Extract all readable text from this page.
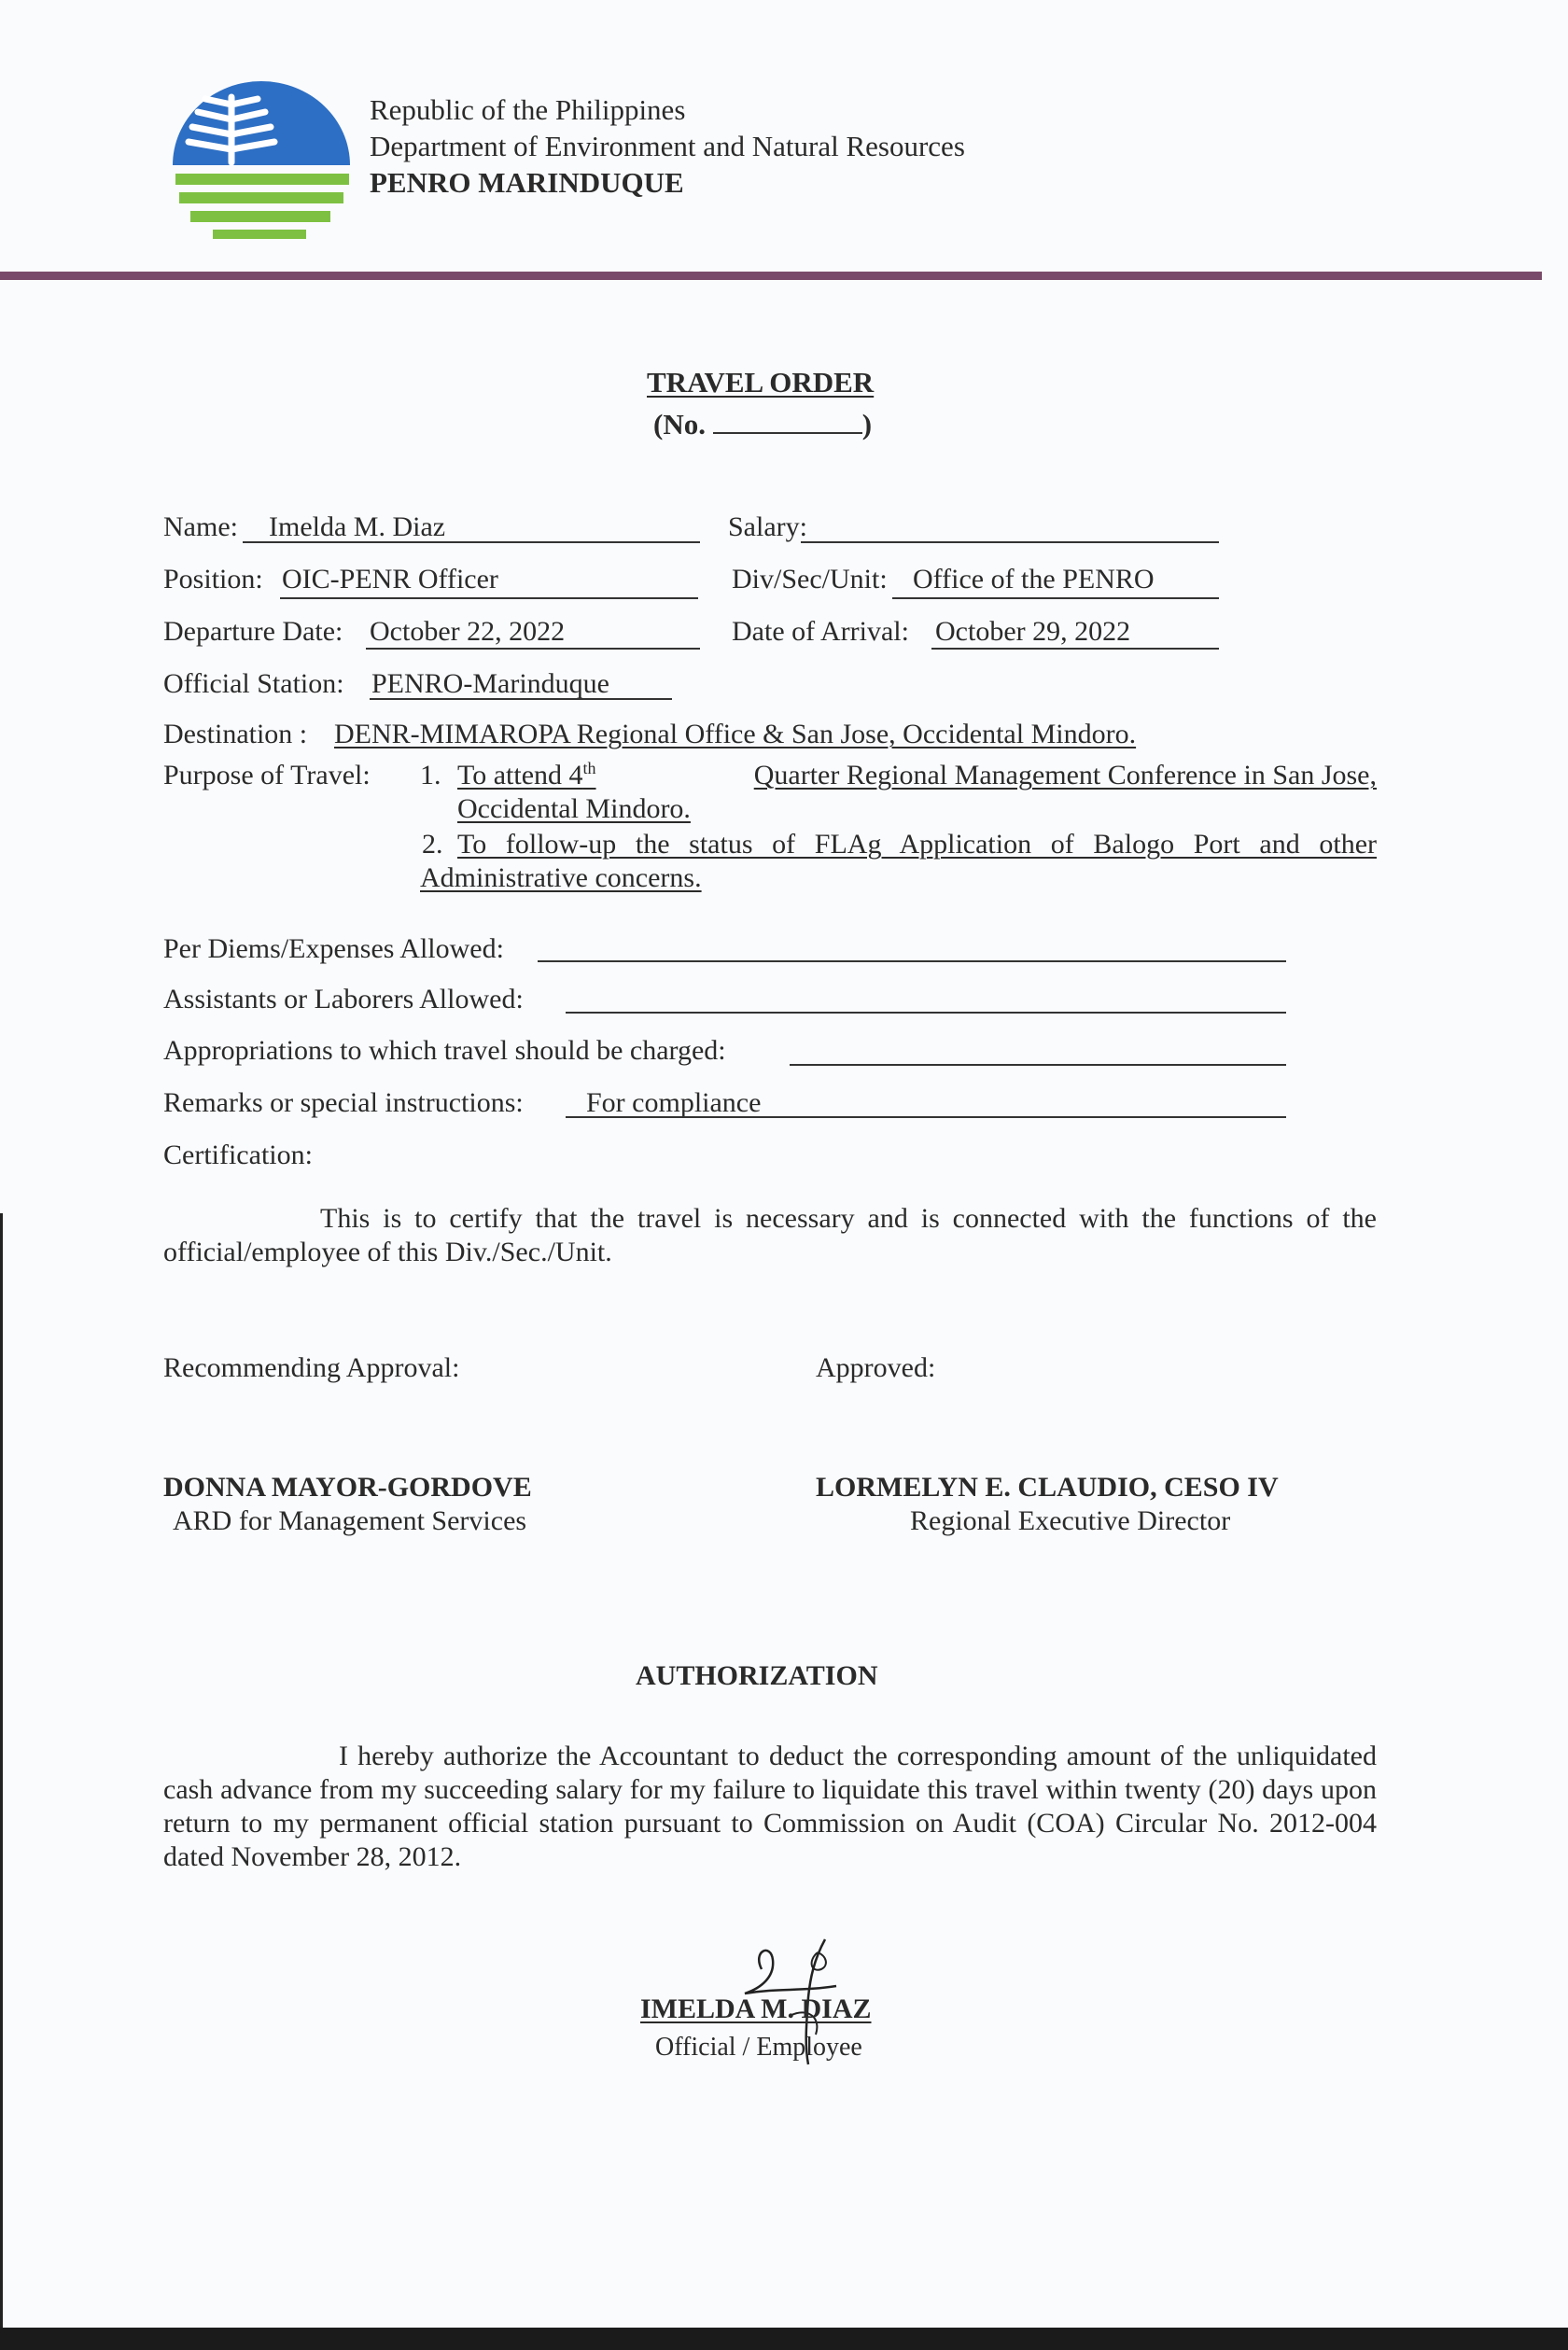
Republic of the Philippines
Department of Environment and Natural Resources
PENRO MARINDUQUE
TRAVEL ORDER
(No.	)
Name: Imelda M. Diaz	Salary:
Position: OIC-PENR Officer	Div/Sec/Unit: Office of the PENRO
Departure Date: October 22, 2022	Date of Arrival: October 29, 2022
Official Station: PENRO-Marinduque
Destination : DENR-MIMAROPA Regional Office & San Jose, Occidental Mindoro.
Purpose of Travel: 1. To attend 4th	Quarter Regional Management Conference in San Jose,
Occidental Mindoro.
2. To follow-up the status of FLAg Application of Balogo Port and other
Administrative concerns.
Per Diems/Expenses Allowed:
Assistants or Laborers Allowed:
Appropriations to which travel should be charged:
Remarks or special instructions: For compliance
Certification:
This is to certify that the travel is necessary and is connected with the functions of the official/employee of this Div./Sec./Unit.
Recommending Approval:	Approved:
DONNA MAYOR-GORDOVE
ARD for Management Services
LORMELYN E. CLAUDIO, CESO IV
Regional Executive Director
AUTHORIZATION
I hereby authorize the Accountant to deduct the corresponding amount of the unliquidated cash advance from my succeeding salary for my failure to liquidate this travel within twenty (20) days upon return to my permanent official station pursuant to Commission on Audit (COA) Circular No. 2012-004 dated November 28, 2012.
IMELDA M. DIAZ
Official / Employee
